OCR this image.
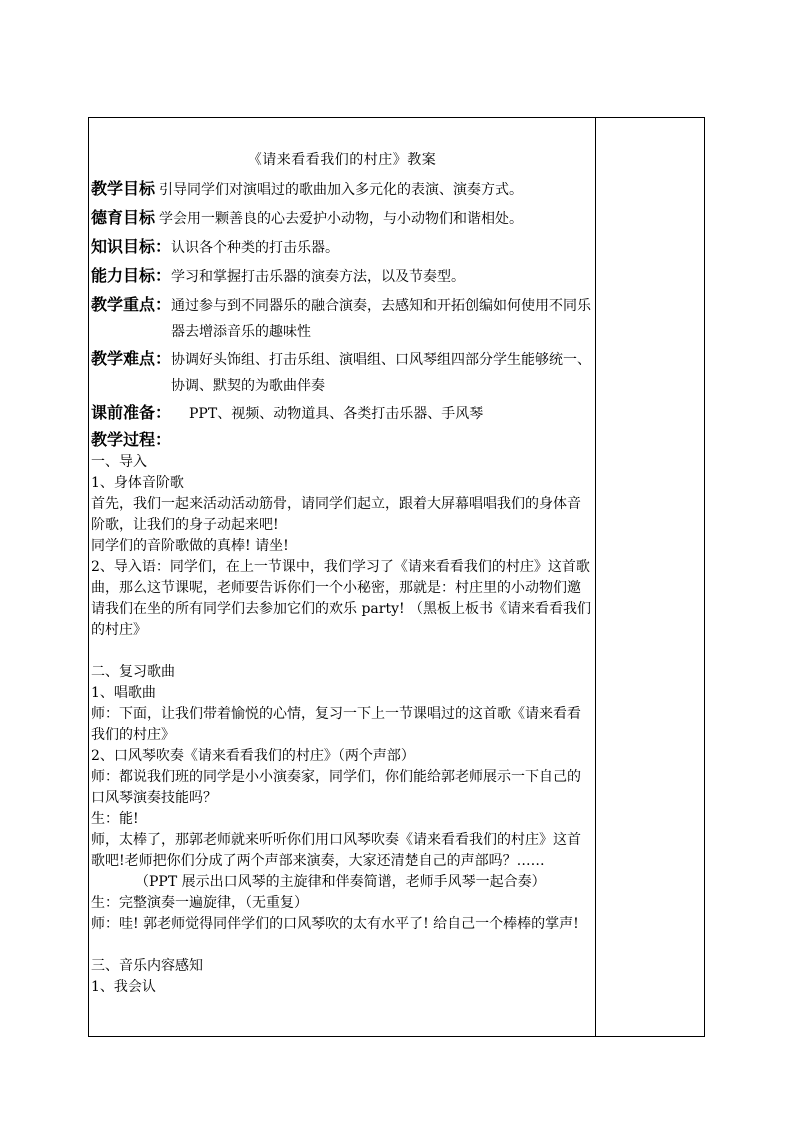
《请来看看我们的村庄》教案
教学目标 引导同学们对演唱过的歌曲加入多元化的表演、演奏方式。
德育目标 学会用一颗善良的心去爱护小动物，与小动物们和谐相处。
知识目标： 认识各个种类的打击乐器。
能力目标： 学习和掌握打击乐器的演奏方法，以及节奏型。
教学重点： 通过参与到不同器乐的融合演奏，去感知和开拓创编如何使用不同乐器去增添音乐的趣味性
教学难点： 协调好头饰组、打击乐组、演唱组、口风琴组四部分学生能够统一、协调、默契的为歌曲伴奏
课前准备：	PPT、视频、动物道具、各类打击乐器、手风琴
教学过程：

一、导入

1、身体音阶歌

首先，我们一起来活动活动筋骨，请同学们起立，跟着大屏幕唱唱我们的身体音阶歌，让我们的身子动起来吧!

同学们的音阶歌做的真棒! 请坐!

2、导入语：同学们，在上一节课中，我们学习了《请来看看我们的村庄》这首歌曲，那么这节课呢，老师要告诉你们一个小秘密，那就是：村庄里的小动物们邀请我们在坐的所有同学们去参加它们的欢乐 party! （黑板上板书《请来看看我们的村庄》

二、复习歌曲

1、唱歌曲

师：下面，让我们带着愉悦的心情，复习一下上一节课唱过的这首歌《请来看看我们的村庄》

2、口风琴吹奏《请来看看我们的村庄》（两个声部）

师：都说我们班的同学是小小演奏家，同学们，你们能给郭老师展示一下自己的口风琴演奏技能吗？

生：能!

师，太棒了，那郭老师就来听听你们用口风琴吹奏《请来看看我们的村庄》这首歌吧!老师把你们分成了两个声部来演奏，大家还清楚自己的声部吗？……

（PPT 展示出口风琴的主旋律和伴奏简谱，老师手风琴一起合奏）

生：完整演奏一遍旋律，（无重复）

师：哇! 郭老师觉得同伴学们的口风琴吹的太有水平了! 给自己一个棒棒的掌声!

三、音乐内容感知

1、我会认
